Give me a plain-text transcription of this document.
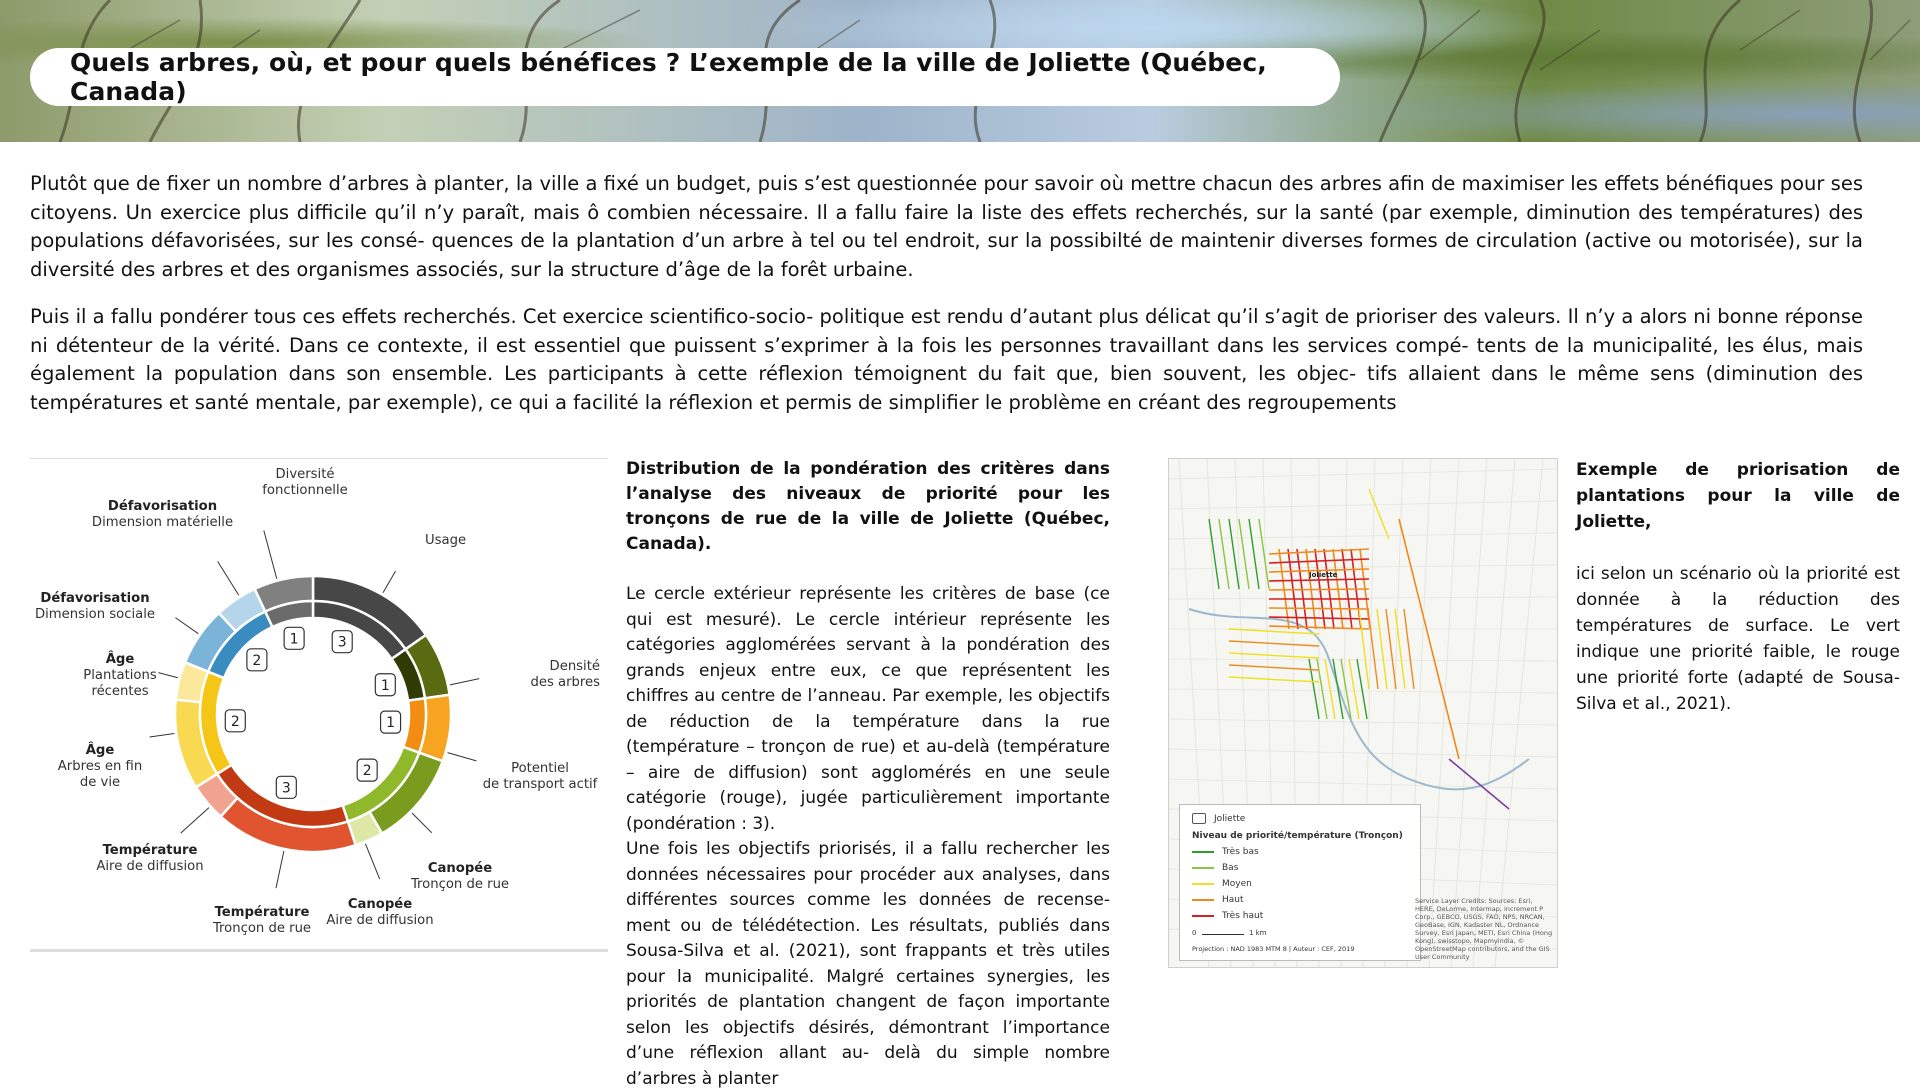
Quels arbres, où, et pour quels bénéfices ? L’exemple de la ville de Joliette (Québec, Canada)

Plutôt que de fixer un nombre d’arbres à planter, la ville a fixé un budget, puis s’est questionnée pour savoir où mettre chacun des arbres afin de maximiser les effets bénéfiques pour ses citoyens. Un exercice plus difficile qu’il n’y paraît, mais ô combien nécessaire. Il a fallu faire la liste des effets recherchés, sur la santé (par exemple, diminution des températures) des populations défavorisées, sur les consé- quences de la plantation d’un arbre à tel ou tel endroit, sur la possibilté de maintenir diverses formes de circulation (active ou motorisée), sur la diversité des arbres et des organismes associés, sur la structure d’âge de la forêt urbaine.

Puis il a fallu pondérer tous ces effets recherchés. Cet exercice scientifico-socio- politique est rendu d’autant plus délicat qu’il s’agit de prioriser des valeurs. Il n’y a alors ni bonne réponse ni détenteur de la vérité. Dans ce contexte, il est essentiel que puissent s’exprimer à la fois les personnes travaillant dans les services compé- tents de la municipalité, les élus, mais également la population dans son ensemble. Les participants à cette réflexion témoignent du fait que, bien souvent, les objec- tifs allaient dans le même sens (diminution des températures et santé mentale, par exemple), ce qui a facilité la réflexion et permis de simplifier le problème en créant des regroupements

1	3
1
1
2
3
2
2
Diversité
fonctionnelle
Usage
Densité
des arbres
Potentiel
de transport actif
Canopée
Tronçon de rue
Canopée
Aire de diffusion
Température
Tronçon de rue
Température
Aire de diffusion
Âge
Arbres en fin
de vie
Âge
Plantations
récentes
Défavorisation
Dimension sociale
Défavorisation
Dimension matérielle
Distribution de la pondération des critères dans l’analyse des niveaux de priorité pour les tronçons de rue de la ville de Joliette (Québec, Canada).

Le cercle extérieur représente les critères de base (ce qui est mesuré). Le cercle intérieur représente les catégories agglomérées servant à la pondération des grands enjeux entre eux, ce que représentent les chiffres au centre de l’anneau. Par exemple, les objectifs de réduction de la température dans la rue (température – tronçon de rue) et au-delà (température – aire de diffusion) sont agglomérés en une seule catégorie (rouge), jugée particulièrement importante (pondération : 3).

Une fois les objectifs priorisés, il a fallu rechercher les données nécessaires pour procéder aux analyses, dans différentes sources comme les données de recense- ment ou de télédétection. Les résultats, publiés dans Sousa-Silva et al. (2021), sont frappants et très utiles pour la municipalité. Malgré certaines synergies, les priorités de plantation changent de façon importante selon les objectifs désirés, démontrant l’importance d’une réflexion allant au- delà du simple nombre d’arbres à planter

Joliette
Joliette
Niveau de priorité/température (Tronçon)
Très bas
Bas
Moyen
Haut
Très haut
0	1 km
Projection : NAD 1983 MTM 8 | Auteur : CEF, 2019
Service Layer Credits: Sources: Esri, HERE, DeLorme, Intermap, increment P Corp., GEBCO, USGS, FAO, NPS, NRCAN, GeoBase, IGN, Kadaster NL, Ordnance Survey, Esri Japan, METI, Esri China (Hong Kong), swisstopo, Mapmyindia, © OpenStreetMap contributors, and the GIS User Community
Exemple de priorisation de plantations pour la ville de Joliette,
ici selon un scénario où la priorité est donnée à la réduction des températures de surface. Le vert indique une priorité faible, le rouge une priorité forte (adapté de Sousa-Silva et al., 2021).
